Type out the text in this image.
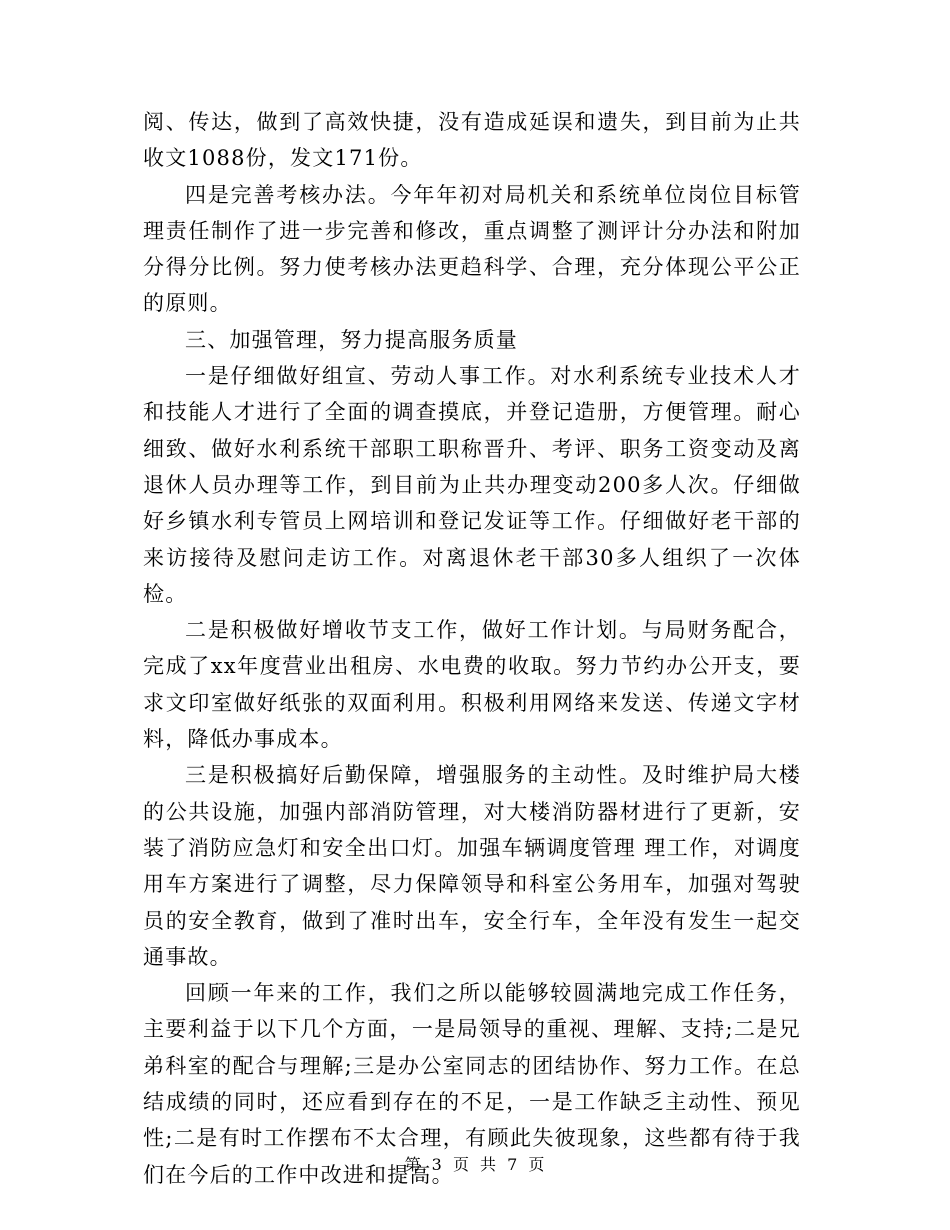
阅、传达，做到了高效快捷，没有造成延误和遗失，到目前为止共收文1088份，发文171份。

四是完善考核办法。今年年初对局机关和系统单位岗位目标管理责任制作了进一步完善和修改，重点调整了测评计分办法和附加分得分比例。努力使考核办法更趋科学、合理，充分体现公平公正的原则。

三、加强管理，努力提高服务质量

一是仔细做好组宣、劳动人事工作。对水利系统专业技术人才和技能人才进行了全面的调查摸底，并登记造册，方便管理。耐心细致、做好水利系统干部职工职称晋升、考评、职务工资变动及离退休人员办理等工作，到目前为止共办理变动200多人次。仔细做好乡镇水利专管员上网培训和登记发证等工作。仔细做好老干部的来访接待及慰问走访工作。对离退休老干部30多人组织了一次体检。

二是积极做好增收节支工作，做好工作计划。与局财务配合，完成了xx年度营业出租房、水电费的收取。努力节约办公开支，要求文印室做好纸张的双面利用。积极利用网络来发送、传递文字材料，降低办事成本。

三是积极搞好后勤保障，增强服务的主动性。及时维护局大楼的公共设施，加强内部消防管理，对大楼消防器材进行了更新，安装了消防应急灯和安全出口灯。加强车辆调度管理 理工作，对调度用车方案进行了调整，尽力保障领导和科室公务用车，加强对驾驶员的安全教育，做到了准时出车，安全行车，全年没有发生一起交通事故。

回顾一年来的工作，我们之所以能够较圆满地完成工作任务，主要利益于以下几个方面，一是局领导的重视、理解、支持;二是兄弟科室的配合与理解;三是办公室同志的团结协作、努力工作。在总结成绩的同时，还应看到存在的不足，一是工作缺乏主动性、预见性;二是有时工作摆布不太合理，有顾此失彼现象，这些都有待于我们在今后的工作中改进和提高。

第 3 页 共 7 页
